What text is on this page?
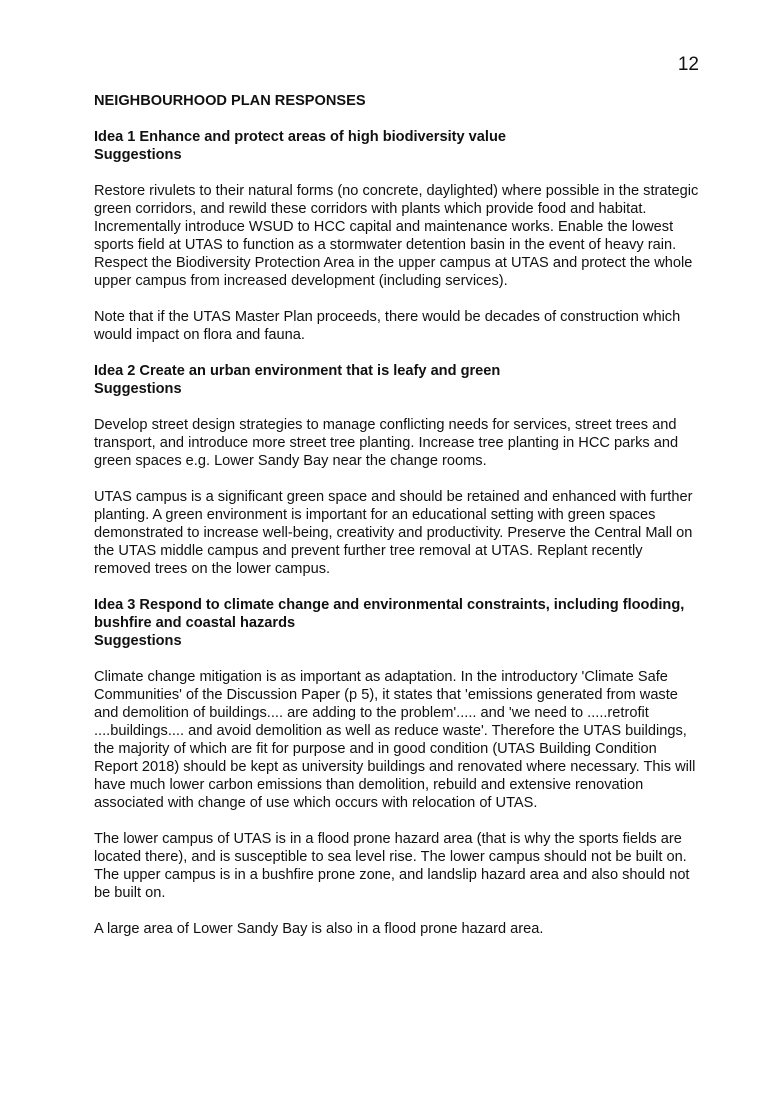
12
NEIGHBOURHOOD PLAN RESPONSES
Idea 1 Enhance and protect areas of high biodiversity value
Suggestions

Restore rivulets to their natural forms (no concrete, daylighted) where possible in the strategic green corridors, and rewild these corridors with plants which provide food and habitat. Incrementally introduce WSUD to HCC capital and maintenance works. Enable the lowest sports field at UTAS to function as a stormwater detention basin in the event of heavy rain. Respect the Biodiversity Protection Area in the upper campus at UTAS and protect the whole upper campus from increased development (including services).

Note that if the UTAS Master Plan proceeds, there would be decades of construction which would impact on flora and fauna.

Idea 2 Create an urban environment that is leafy and green
Suggestions

Develop street design strategies to manage conflicting needs for services, street trees and transport, and introduce more street tree planting. Increase tree planting in HCC parks and green spaces e.g. Lower Sandy Bay near the change rooms.

UTAS campus is a significant green space and should be retained and enhanced with further planting. A green environment is important for an educational setting with green spaces demonstrated to increase well-being, creativity and productivity. Preserve the Central Mall on the UTAS middle campus and prevent further tree removal at UTAS. Replant recently removed trees on the lower campus.

Idea 3 Respond to climate change and environmental constraints, including flooding, bushfire and coastal hazards
Suggestions

Climate change mitigation is as important as adaptation. In the introductory 'Climate Safe Communities' of the Discussion Paper (p 5), it states that 'emissions generated from waste and demolition of buildings.... are adding to the problem'..... and 'we need to .....retrofit ....buildings.... and avoid demolition as well as reduce waste'. Therefore the UTAS buildings, the majority of which are fit for purpose and in good condition (UTAS Building Condition Report 2018) should be kept as university buildings and renovated where necessary. This will have much lower carbon emissions than demolition, rebuild and extensive renovation associated with change of use which occurs with relocation of UTAS.

The lower campus of UTAS is in a flood prone hazard area (that is why the sports fields are located there), and is susceptible to sea level rise. The lower campus should not be built on. The upper campus is in a bushfire prone zone, and landslip hazard area and also should not be built on.

A large area of Lower Sandy Bay is also in a flood prone hazard area.
